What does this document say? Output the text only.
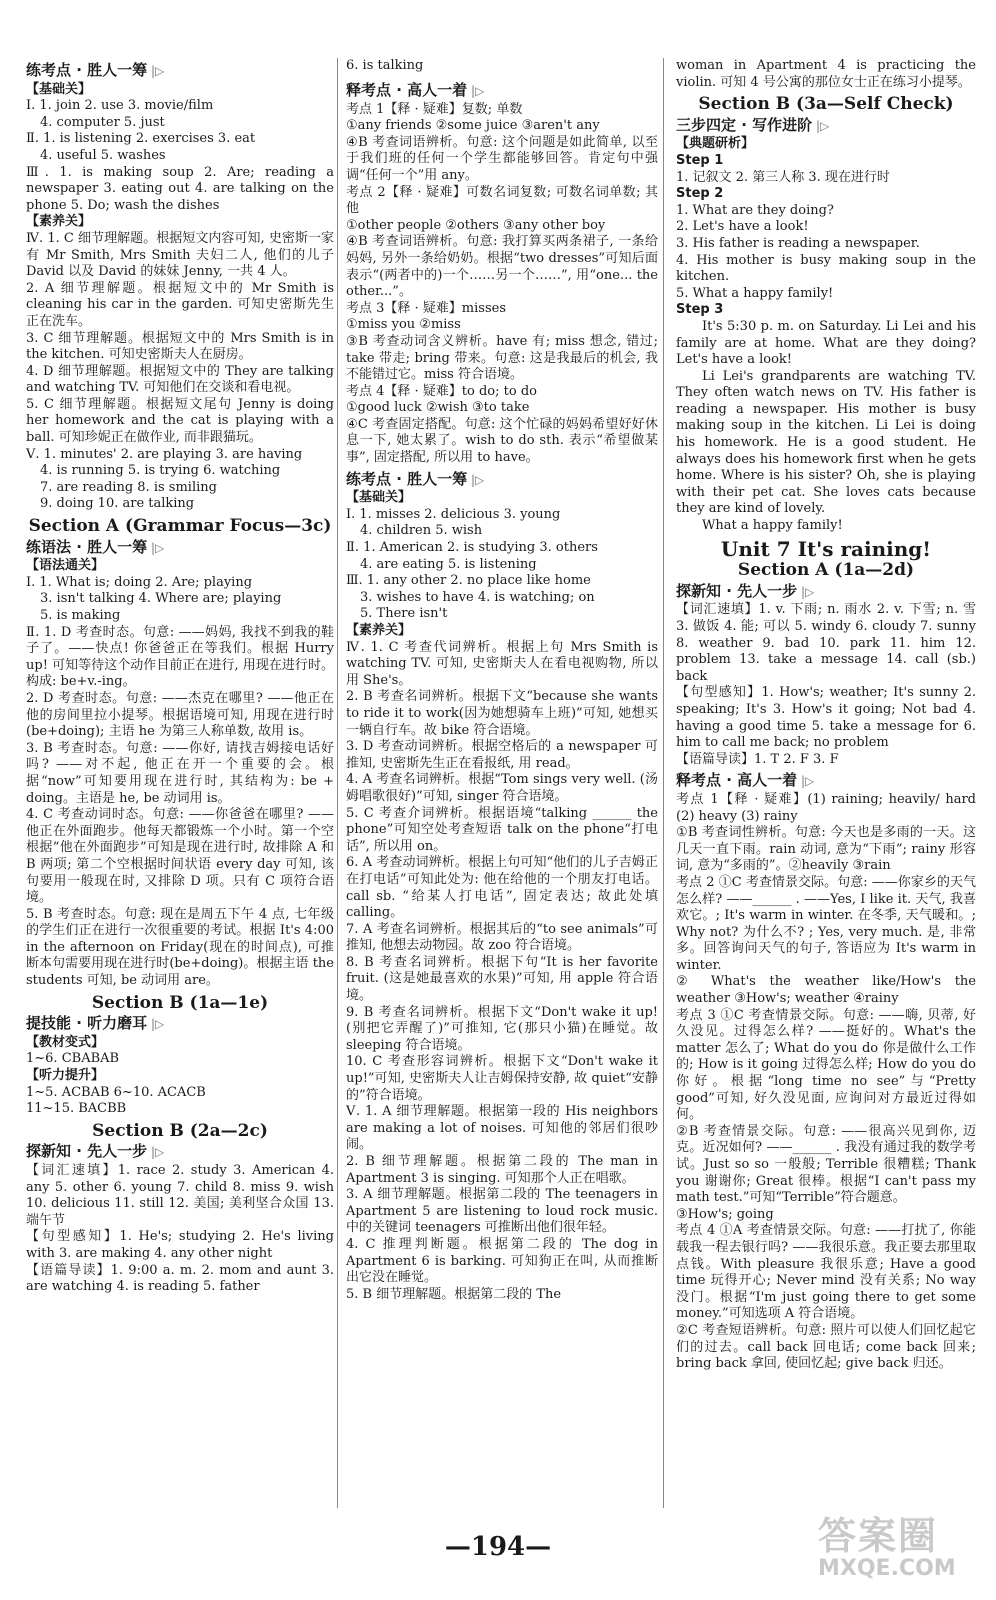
6. is talking
练考点 · 胜人一筹 |▷
【基础关】
Ⅰ. 1. join 2. use 3. movie/film
4. computer 5. just
Ⅱ. 1. is listening 2. exercises 3. eat
4. useful 5. washes
Ⅲ. 1. is making soup 2. Are; reading a newspaper 3. eating out 4. are talking on the phone 5. Do; wash the dishes
【素养关】
Ⅳ. 1. C 细节理解题。根据短文内容可知, 史密斯一家有 Mr Smith, Mrs Smith 夫妇二人, 他们的儿子 David 以及 David 的妹妹 Jenny, 一共 4 人。
2. A 细节理解题。根据短文中的 Mr Smith is cleaning his car in the garden. 可知史密斯先生正在洗车。
3. C 细节理解题。根据短文中的 Mrs Smith is in the kitchen. 可知史密斯夫人在厨房。
4. D 细节理解题。根据短文中的 They are talking and watching TV. 可知他们在交谈和看电视。
5. C 细节理解题。根据短文尾句 Jenny is doing her homework and the cat is playing with a ball. 可知珍妮正在做作业, 而非跟猫玩。
Ⅴ. 1. minutes' 2. are playing 3. are having
4. is running 5. is trying 6. watching
7. are reading 8. is smiling
9. doing 10. are talking
Section A (Grammar Focus—3c)
练语法 · 胜人一筹 |▷
【语法通关】
Ⅰ. 1. What is; doing 2. Are; playing
3. isn't talking 4. Where are; playing
5. is making
Ⅱ. 1. D 考查时态。句意: ——妈妈, 我找不到我的鞋子了。——快点! 你爸爸正在等我们。根据 Hurry up! 可知等待这个动作目前正在进行, 用现在进行时。构成: be+v.-ing。
2. D 考查时态。句意: ——杰克在哪里? ——他正在他的房间里拉小提琴。根据语境可知, 用现在进行时(be+doing); 主语 he 为第三人称单数, 故用 is。
3. B 考查时态。句意: ——你好, 请找吉姆接电话好吗? ——对不起, 他正在开一个重要的会。根据“now”可知要用现在进行时, 其结构为: be + doing。主语是 he, be 动词用 is。
4. C 考查动词时态。句意: ——你爸爸在哪里? ——他正在外面跑步。他每天都锻炼一个小时。第一个空根据“他在外面跑步”可知是现在进行时, 故排除 A 和 B 两项; 第二个空根据时间状语 every day 可知, 该句要用一般现在时, 又排除 D 项。只有 C 项符合语境。
5. B 考查时态。句意: 现在是周五下午 4 点, 七年级的学生们正在进行一次很重要的考试。根据 It's 4:00 in the afternoon on Friday(现在的时间点), 可推断本句需要用现在进行时(be+doing)。根据主语 the students 可知, be 动词用 are。
Section B (1a—1e)
提技能 · 听力磨耳 |▷
【教材变式】
1~6. CBABAB
【听力提升】
1~5. ACBAB 6~10. ACACB
11~15. BACBB
Section B (2a—2c)
探新知 · 先人一步 |▷
【词汇速填】1. race 2. study 3. American 4. any 5. other 6. young 7. child 8. miss 9. wish 10. delicious 11. still 12. 美国; 美利坚合众国 13. 端午节
【句型感知】1. He's; studying 2. He's living with 3. are making 4. any other night
【语篇导读】1. 9:00 a. m. 2. mom and aunt 3. are watching 4. is reading 5. father
释考点 · 高人一着 |▷
考点 1【释 · 疑难】复数; 单数
①any friends ②some juice ③aren't any
④B 考查词语辨析。句意: 这个问题是如此简单, 以至于我们班的任何一个学生都能够回答。肯定句中强调“任何一个”用 any。
考点 2【释 · 疑难】可数名词复数; 可数名词单数; 其他
①other people ②others ③any other boy
④B 考查词语辨析。句意: 我打算买两条裙子, 一条给妈妈, 另外一条给奶奶。根据“two dresses”可知后面表示“(两者中的)一个……另一个……”, 用“one... the other...”。
考点 3【释 · 疑难】misses
①miss you ②miss
③B 考查动词含义辨析。have 有; miss 想念, 错过; take 带走; bring 带来。句意: 这是我最后的机会, 我不能错过它。miss 符合语境。
考点 4【释 · 疑难】to do; to do
①good luck ②wish ③to take
④C 考查固定搭配。句意: 这个忙碌的妈妈希望好好休息一下, 她太累了。wish to do sth. 表示“希望做某事”, 固定搭配, 所以用 to have。
练考点 · 胜人一筹 |▷
【基础关】
Ⅰ. 1. misses 2. delicious 3. young
4. children 5. wish
Ⅱ. 1. American 2. is studying 3. others
4. are eating 5. is listening
Ⅲ. 1. any other 2. no place like home
3. wishes to have 4. is watching; on
5. There isn't
【素养关】
Ⅳ. 1. C 考查代词辨析。根据上句 Mrs Smith is watching TV. 可知, 史密斯夫人在看电视购物, 所以用 She's。
2. B 考查名词辨析。根据下文“because she wants to ride it to work(因为她想骑车上班)”可知, 她想买一辆自行车。故 bike 符合语境。
3. D 考查动词辨析。根据空格后的 a newspaper 可推知, 史密斯先生正在看报纸, 用 read。
4. A 考查名词辨析。根据“Tom sings very well. (汤姆唱歌很好)”可知, singer 符合语境。
5. C 考查介词辨析。根据语境“talking ______ the phone”可知空处考查短语 talk on the phone“打电话”, 所以用 on。
6. A 考查动词辨析。根据上句可知“他们的儿子吉姆正在打电话”可知此处为: 他在给他的一个朋友打电话。call sb. “给某人打电话”, 固定表达; 故此处填 calling。
7. A 考查名词辨析。根据其后的“to see animals”可推知, 他想去动物园。故 zoo 符合语境。
8. B 考查名词辨析。根据下句“It is her favorite fruit. (这是她最喜欢的水果)”可知, 用 apple 符合语境。
9. B 考查名词辨析。根据下文“Don't wake it up! (别把它弄醒了)”可推知, 它(那只小猫)在睡觉。故 sleeping 符合语境。
10. C 考查形容词辨析。根据下文“Don't wake it up!”可知, 史密斯夫人让吉姆保持安静, 故 quiet“安静的”符合语境。
Ⅴ. 1. A 细节理解题。根据第一段的 His neighbors are making a lot of noises. 可知他的邻居们很吵闹。
2. B 细节理解题。根据第二段的 The man in Apartment 3 is singing. 可知那个人正在唱歌。
3. A 细节理解题。根据第二段的 The teenagers in Apartment 5 are listening to loud rock music. 中的关键词 teenagers 可推断出他们很年轻。
4. C 推理判断题。根据第二段的 The dog in Apartment 6 is barking. 可知狗正在叫, 从而推断出它没在睡觉。
5. B 细节理解题。根据第二段的 The
woman in Apartment 4 is practicing the violin. 可知 4 号公寓的那位女士正在练习小提琴。
Section B (3a—Self Check)
三步四定 · 写作进阶 |▷
【典题研析】
Step 1
1. 记叙文 2. 第三人称 3. 现在进行时
Step 2
1. What are they doing?
2. Let's have a look!
3. His father is reading a newspaper.
4. His mother is busy making soup in the kitchen.
5. What a happy family!
Step 3
It's 5:30 p. m. on Saturday. Li Lei and his family are at home. What are they doing? Let's have a look!
Li Lei's grandparents are watching TV. They often watch news on TV. His father is reading a newspaper. His mother is busy making soup in the kitchen. Li Lei is doing his homework. He is a good student. He always does his homework first when he gets home. Where is his sister? Oh, she is playing with their pet cat. She loves cats because they are kind of lovely.
What a happy family!
Unit 7 It's raining!
Section A (1a—2d)
探新知 · 先人一步 |▷
【词汇速填】1. v. 下雨; n. 雨水 2. v. 下雪; n. 雪 3. 做饭 4. 能; 可以 5. windy 6. cloudy 7. sunny 8. weather 9. bad 10. park 11. him 12. problem 13. take a message 14. call (sb.) back
【句型感知】1. How's; weather; It's sunny 2. speaking; It's 3. How's it going; Not bad 4. having a good time 5. take a message for 6. him to call me back; no problem
【语篇导读】1. T 2. F 3. F
释考点 · 高人一着 |▷
考点 1【释 · 疑难】(1) raining; heavily/ hard (2) heavy (3) rainy
①B 考查词性辨析。句意: 今天也是多雨的一天。这几天一直下雨。rain 动词, 意为“下雨”; rainy 形容词, 意为“多雨的”。②heavily ③rain
考点 2 ①C 考查情景交际。句意: ——你家乡的天气怎么样? ——______ . ——Yes, I like it. 天气, 我喜欢它。; It's warm in winter. 在冬季, 天气暖和。; Why not? 为什么不? ; Yes, very much. 是, 非常多。回答询问天气的句子, 答语应为 It's warm in winter.
② What's the weather like/How's the weather ③How's; weather ④rainy
考点 3 ①C 考查情景交际。句意: ——嗨, 贝蒂, 好久没见。过得怎么样? ——挺好的。What's the matter 怎么了; What do you do 你是做什么工作的; How is it going 过得怎么样; How do you do 你好。根据“long time no see”与“Pretty good”可知, 好久没见面, 应询问对方最近过得如何。
②B 考查情景交际。句意: ——很高兴见到你, 迈克。近况如何? ——______ . 我没有通过我的数学考试。Just so so 一般般; Terrible 很糟糕; Thank you 谢谢你; Great 很棒。根据“I can't pass my math test.”可知“Terrible”符合题意。
③How's; going
考点 4 ①A 考查情景交际。句意: ——打扰了, 你能载我一程去银行吗? ——我很乐意。我正要去那里取点钱。With pleasure 我很乐意; Have a good time 玩得开心; Never mind 没有关系; No way 没门。根据“I'm just going there to get some money.”可知选项 A 符合语境。
②C 考查短语辨析。句意: 照片可以使人们回忆起它们的过去。call back 回电话; come back 回来; bring back 拿回, 使回忆起; give back 归还。
—194—	答案圈
MXQE.COM
